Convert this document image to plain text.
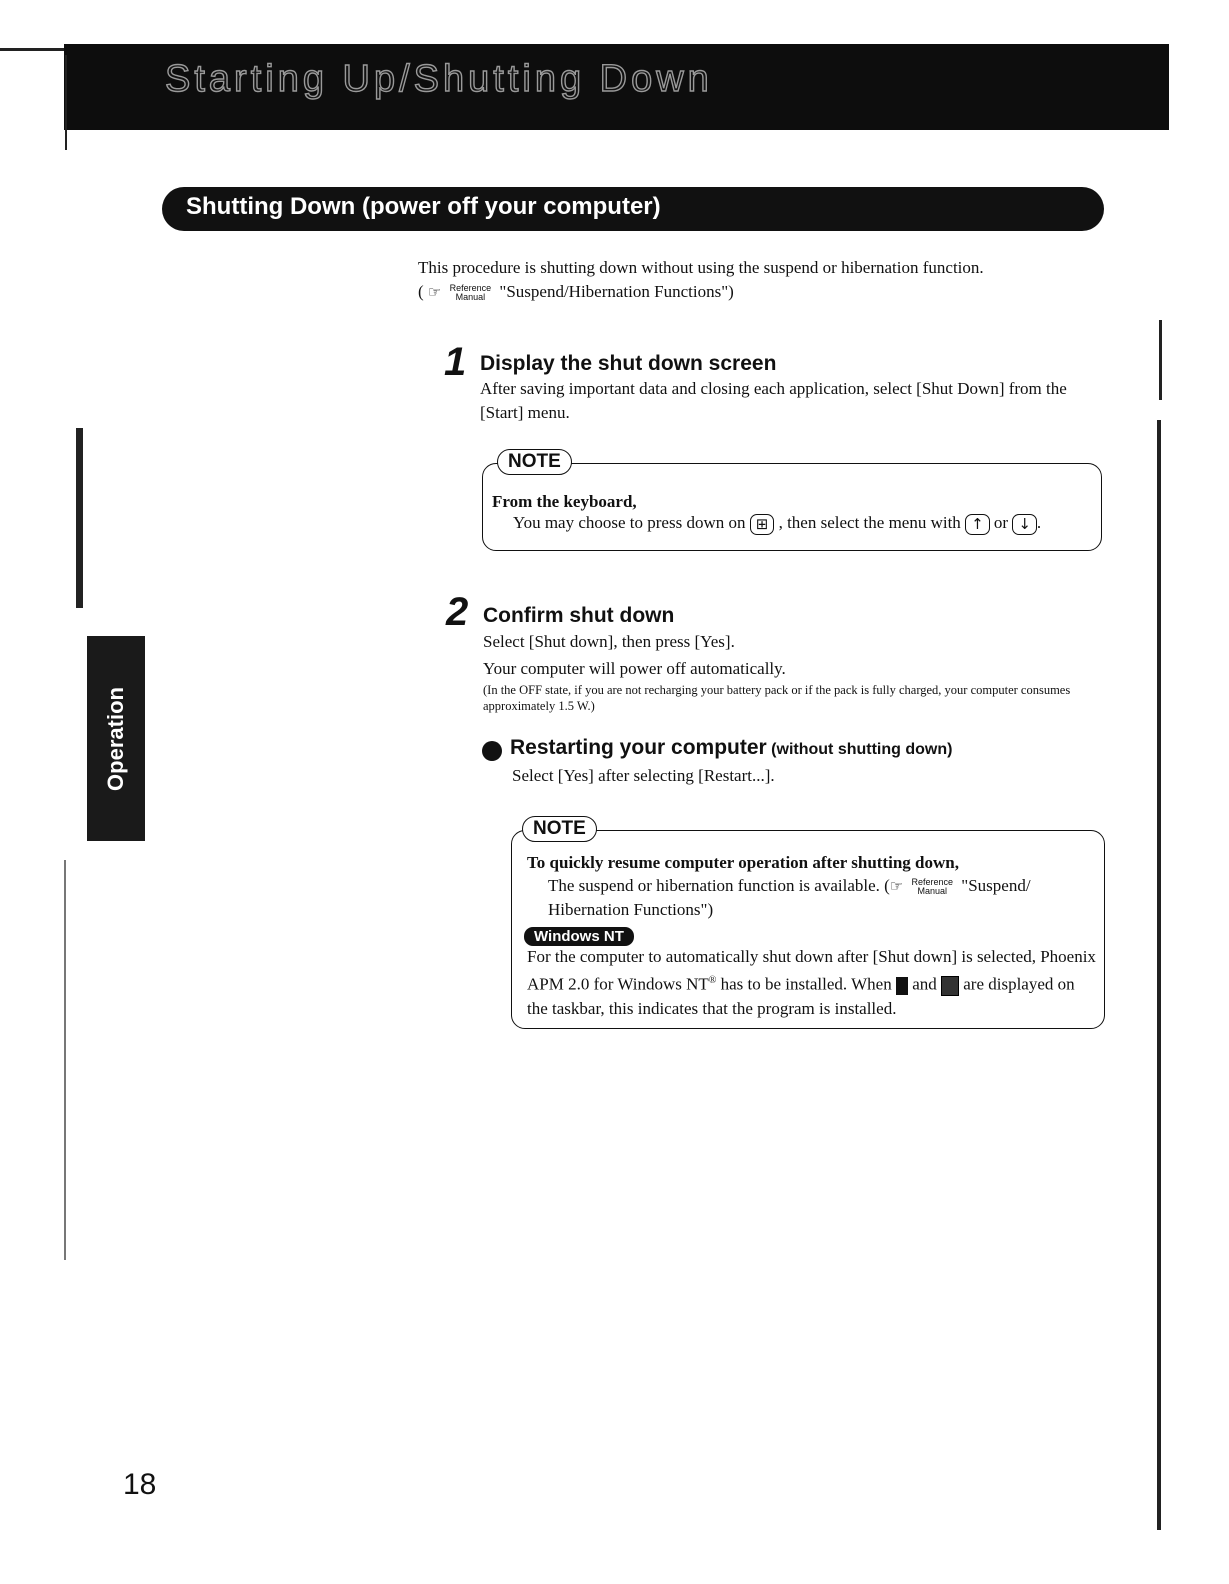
Starting Up/Shutting Down
Shutting Down (power off your computer)
This procedure is shutting down without using the suspend or hibernation function.
( ☞ Reference
Manual "Suspend/Hibernation Functions")
1 Display the shut down screen
After saving important data and closing each application, select [Shut Down] from the [Start] menu.
NOTE
From the keyboard,
You may choose to press down on ⊞ , then select the menu with ↑ or ↓ .
2 Confirm shut down
Select [Shut down], then press [Yes].
Your computer will power off automatically.
(In the OFF state, if you are not recharging your battery pack or if the pack is fully charged, your computer consumes approximately 1.5 W.)
Restarting your computer (without shutting down)
Select [Yes] after selecting [Restart...].
NOTE
To quickly resume computer operation after shutting down,
The suspend or hibernation function is available. (☞ Reference
Manual "Suspend/ Hibernation Functions")
Windows NT
For the computer to automatically shut down after [Shut down] is selected, Phoenix APM 2.0 for Windows NT® has to be installed. When and are displayed on the taskbar, this indicates that the program is installed.
Operation
18
